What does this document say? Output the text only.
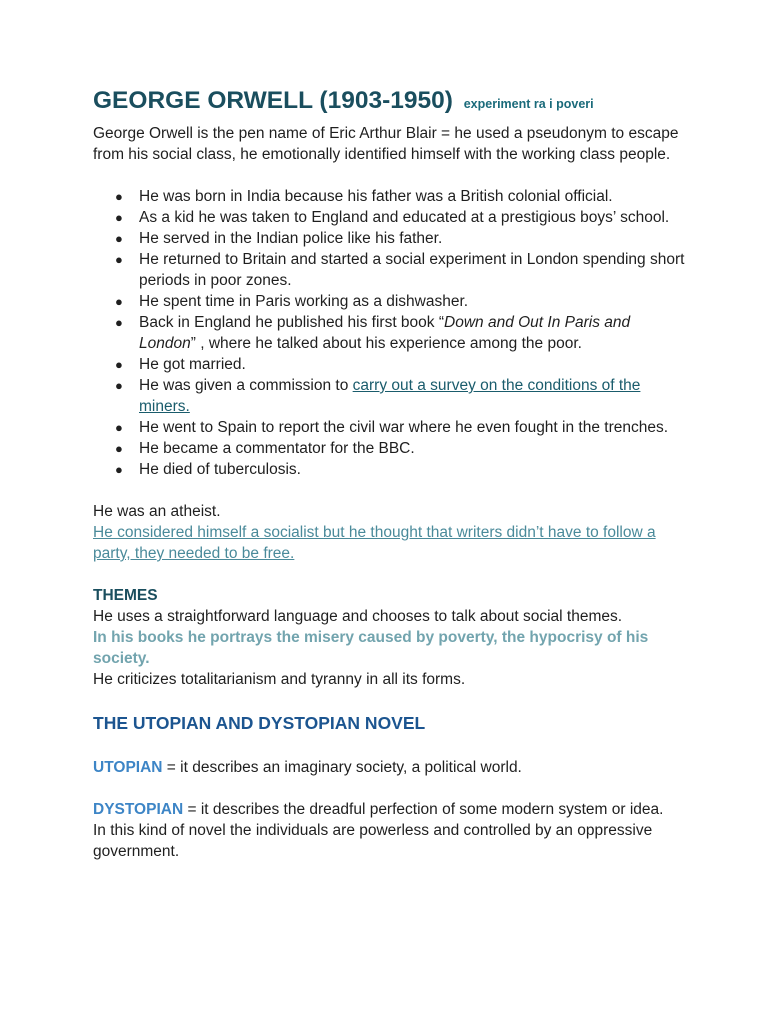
GEORGE ORWELL (1903-1950) experiment ra i poveri

George Orwell is the pen name of Eric Arthur Blair = he used a pseudonym to escape from his social class, he emotionally identified himself with the working class people.

● He was born in India because his father was a British colonial official.
● As a kid he was taken to England and educated at a prestigious boys’ school.
● He served in the Indian police like his father.
● He returned to Britain and started a social experiment in London spending short periods in poor zones.
● He spent time in Paris working as a dishwasher.
● Back in England he published his first book “Down and Out In Paris and London” , where he talked about his experience among the poor.
● He got married.
● He was given a commission to carry out a survey on the conditions of the miners.
● He went to Spain to report the civil war where he even fought in the trenches.
● He became a commentator for the BBC.
● He died of tuberculosis.

He was an atheist.

He considered himself a socialist but he thought that writers didn’t have to follow a party, they needed to be free.

THEMES

He uses a straightforward language and chooses to talk about social themes.

In his books he portrays the misery caused by poverty, the hypocrisy of his society.

He criticizes totalitarianism and tyranny in all its forms.

THE UTOPIAN AND DYSTOPIAN NOVEL

UTOPIAN = it describes an imaginary society, a political world.

DYSTOPIAN = it describes the dreadful perfection of some modern system or idea.

In this kind of novel the individuals are powerless and controlled by an oppressive government.
